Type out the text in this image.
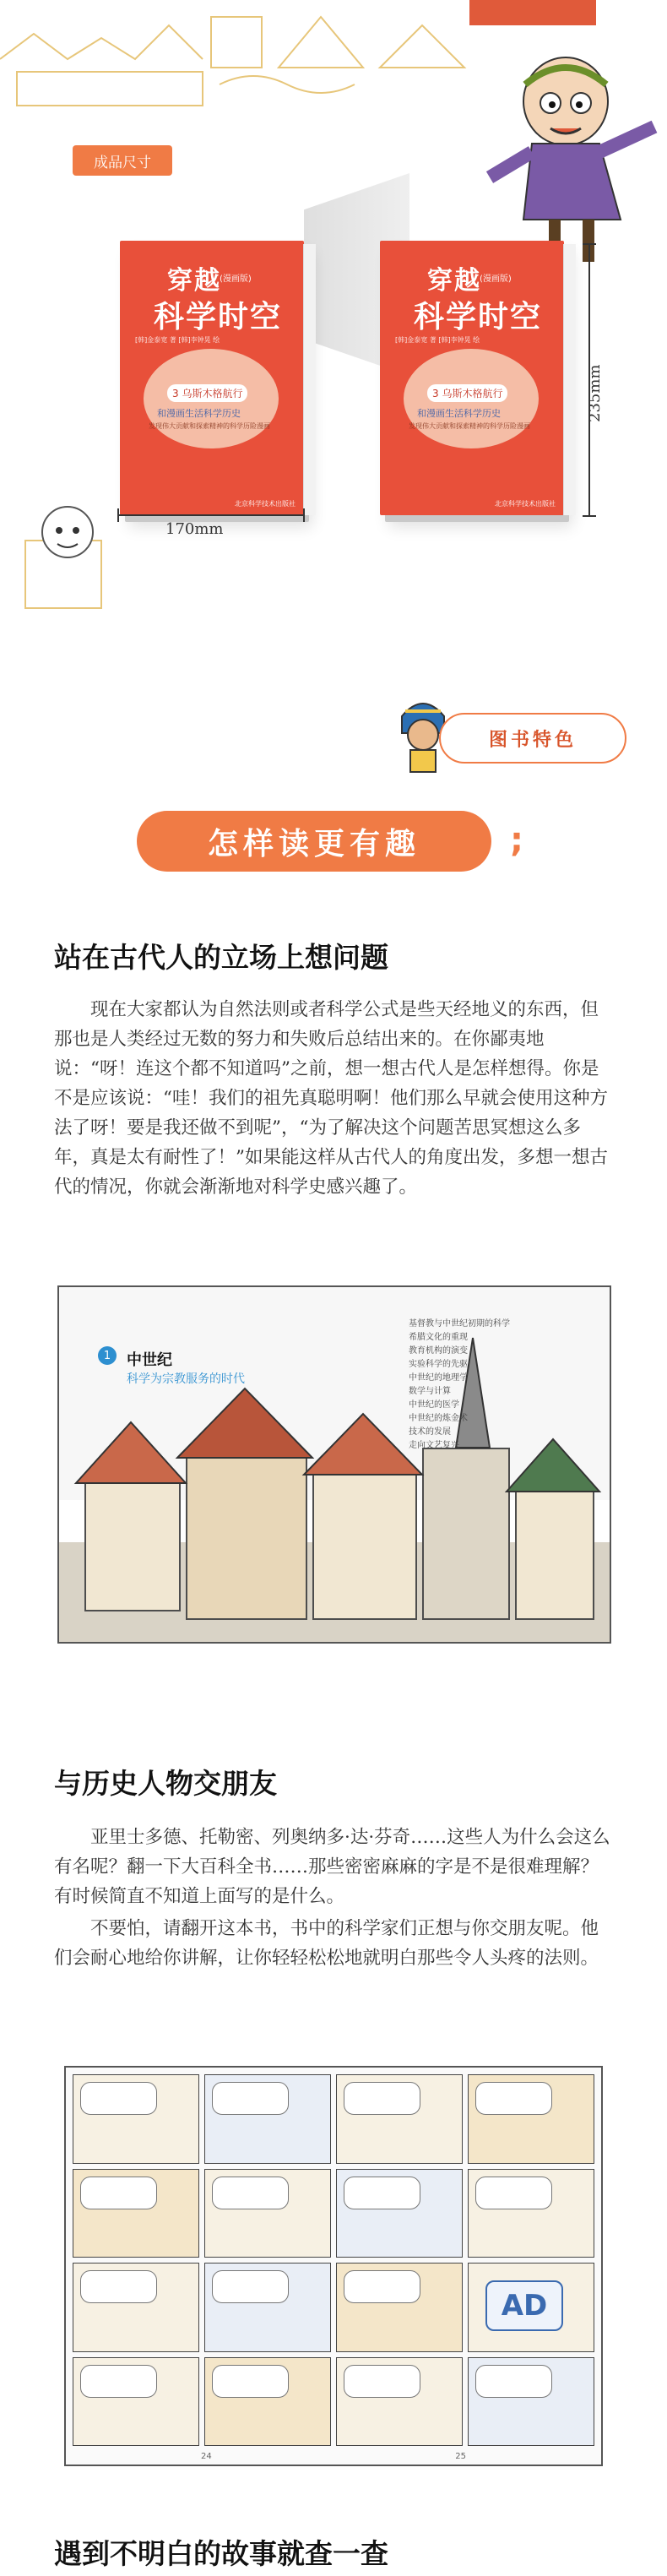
成品尺寸
穿越
(漫画版)
科学时空
[韩]金泰宽 著 [韩]李钟晃 绘
3 乌斯木格航行
和漫画生活科学历史
发现伟大贡献和探索精神的科学历险漫画
北京科学技术出版社
穿越
(漫画版)
科学时空
[韩]金泰宽 著 [韩]李钟晃 绘
3 乌斯木格航行
和漫画生活科学历史
发现伟大贡献和探索精神的科学历险漫画
北京科学技术出版社
170mm
235mm
图书特色
怎样读更有趣	;
站在古代人的立场上想问题
现在大家都认为自然法则或者科学公式是些天经地义的东西，但那也是人类经过无数的努力和失败后总结出来的。在你鄙夷地说：“呀！连这个都不知道吗”之前，想一想古代人是怎样想得。你是不是应该说：“哇！我们的祖先真聪明啊！他们那么早就会使用这种方法了呀！要是我还做不到呢”，“为了解决这个问题苦思冥想这么多年，真是太有耐性了！”如果能这样从古代人的角度出发，多想一想古代的情况，你就会渐渐地对科学史感兴趣了。
1	中世纪
科学为宗教服务的时代
基督教与中世纪初期的科学
希腊文化的重现
教育机构的演变
实验科学的先驱
中世纪的地理学
数学与计算
中世纪的医学
中世纪的炼金术
技术的发展
走向文艺复兴
与历史人物交朋友
亚里士多德、托勒密、列奥纳多·达·芬奇……这些人为什么会这么有名呢？翻一下大百科全书……那些密密麻麻的字是不是很难理解？有时候简直不知道上面写的是什么。
不要怕，请翻开这本书，书中的科学家们正想与你交朋友呢。他们会耐心地给你讲解，让你轻轻松松地就明白那些令人头疼的法则。
AD
24	25
遇到不明白的故事就查一查
